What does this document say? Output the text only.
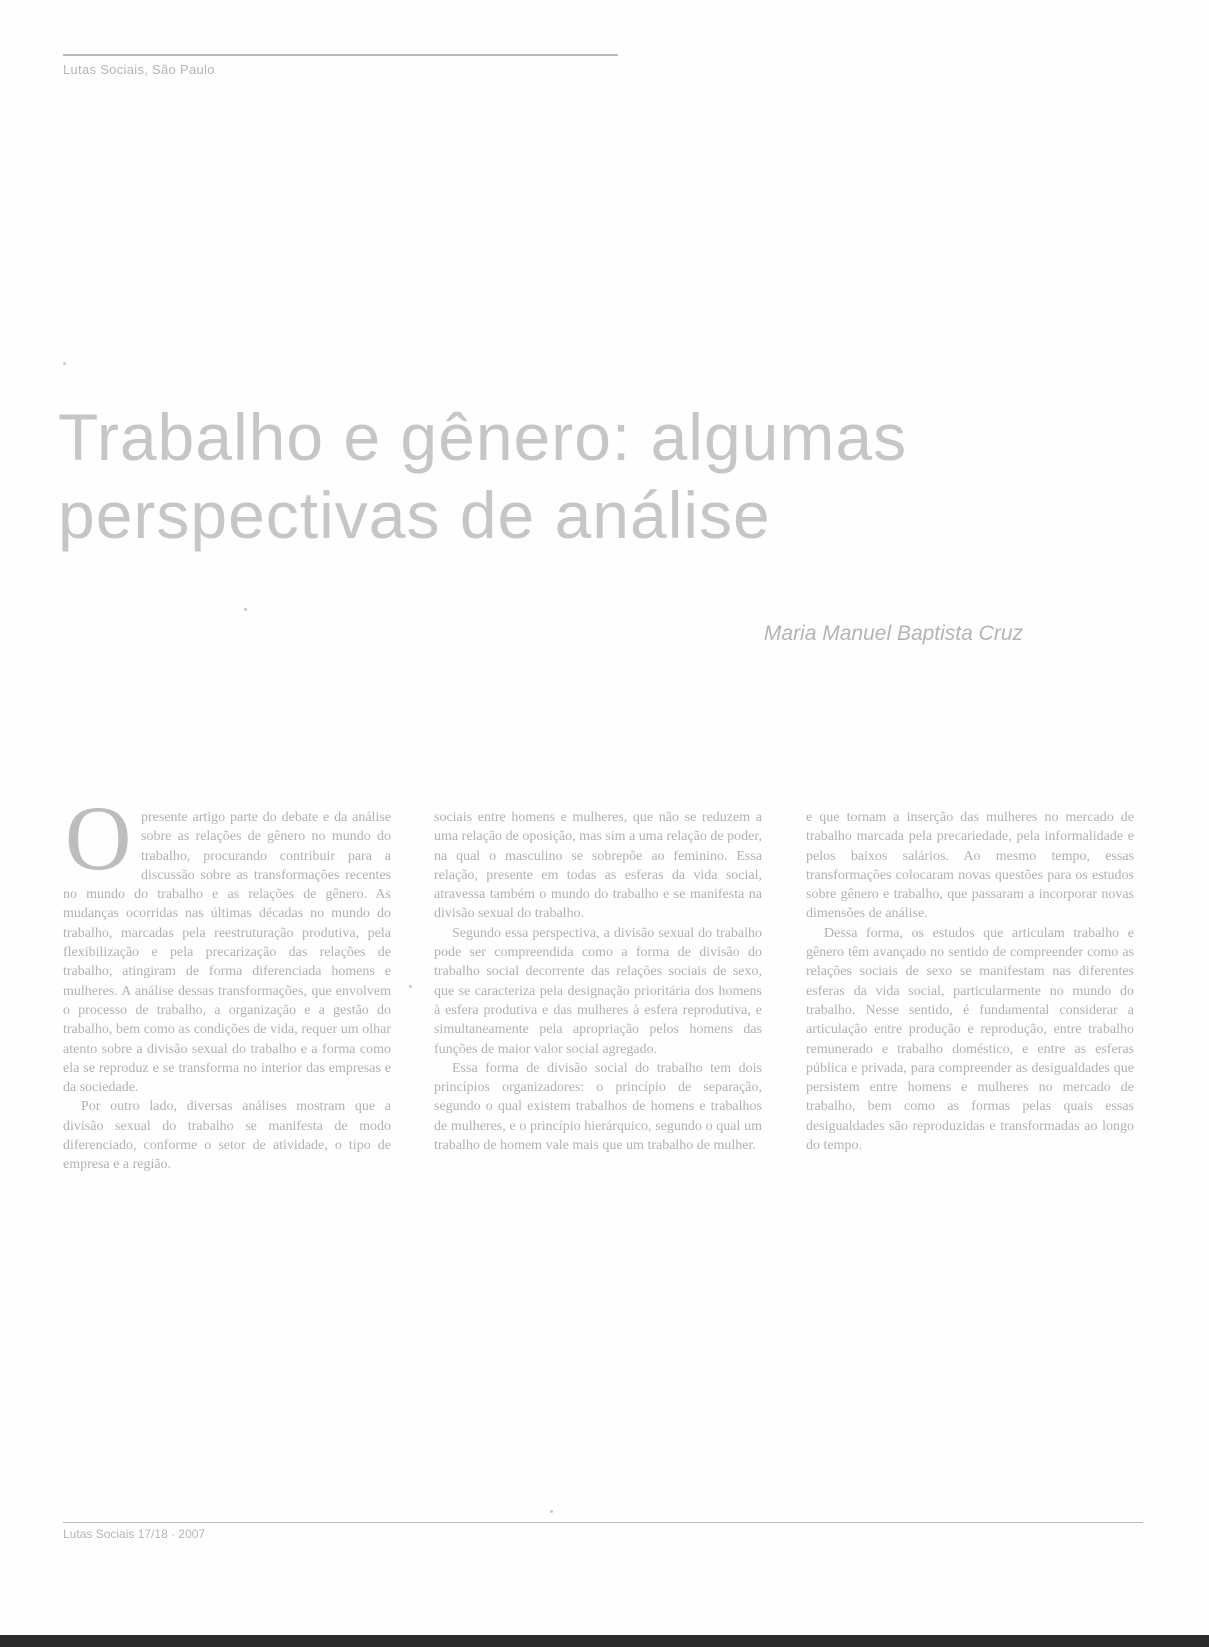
Lutas Sociais, São Paulo
Trabalho e gênero: algumas perspectivas de análise
Maria Manuel Baptista Cruz
O presente artigo parte do debate e da análise sobre as relações de gênero no mundo do trabalho, procurando contribuir para a discussão sobre as transformações recentes no mundo do trabalho e as relações de gênero. As mudanças ocorridas nas últimas décadas no mundo do trabalho, marcadas pela reestruturação produtiva, pela flexibilização e pela precarização das relações de trabalho, atingiram de forma diferenciada homens e mulheres. A análise dessas transformações, que envolvem o processo de trabalho, a organização e a gestão do trabalho, bem como as condições de vida, requer um olhar atento sobre a divisão sexual do trabalho e a forma como ela se reproduz e se transforma no interior das empresas e da sociedade.

Por outro lado, diversas análises mostram que a divisão sexual do trabalho se manifesta de modo diferenciado, conforme o setor de atividade, o tipo de empresa e a região.

sociais entre homens e mulheres, que não se reduzem a uma relação de oposição, mas sim a uma relação de poder, na qual o masculino se sobrepõe ao feminino. Essa relação, presente em todas as esferas da vida social, atravessa também o mundo do trabalho e se manifesta na divisão sexual do trabalho.

Segundo essa perspectiva, a divisão sexual do trabalho pode ser compreendida como a forma de divisão do trabalho social decorrente das relações sociais de sexo, que se caracteriza pela designação prioritária dos homens à esfera produtiva e das mulheres à esfera reprodutiva, e simultaneamente pela apropriação pelos homens das funções de maior valor social agregado.

Essa forma de divisão social do trabalho tem dois princípios organizadores: o princípio de separação, segundo o qual existem trabalhos de homens e trabalhos de mulheres, e o princípio hierárquico, segundo o qual um trabalho de homem vale mais que um trabalho de mulher.

e que tornam a inserção das mulheres no mercado de trabalho marcada pela precariedade, pela informalidade e pelos baixos salários. Ao mesmo tempo, essas transformações colocaram novas questões para os estudos sobre gênero e trabalho, que passaram a incorporar novas dimensões de análise.

Dessa forma, os estudos que articulam trabalho e gênero têm avançado no sentido de compreender como as relações sociais de sexo se manifestam nas diferentes esferas da vida social, particularmente no mundo do trabalho. Nesse sentido, é fundamental considerar a articulação entre produção e reprodução, entre trabalho remunerado e trabalho doméstico, e entre as esferas pública e privada, para compreender as desigualdades que persistem entre homens e mulheres no mercado de trabalho, bem como as formas pelas quais essas desigualdades são reproduzidas e transformadas ao longo do tempo.

Lutas Sociais 17/18 · 2007
